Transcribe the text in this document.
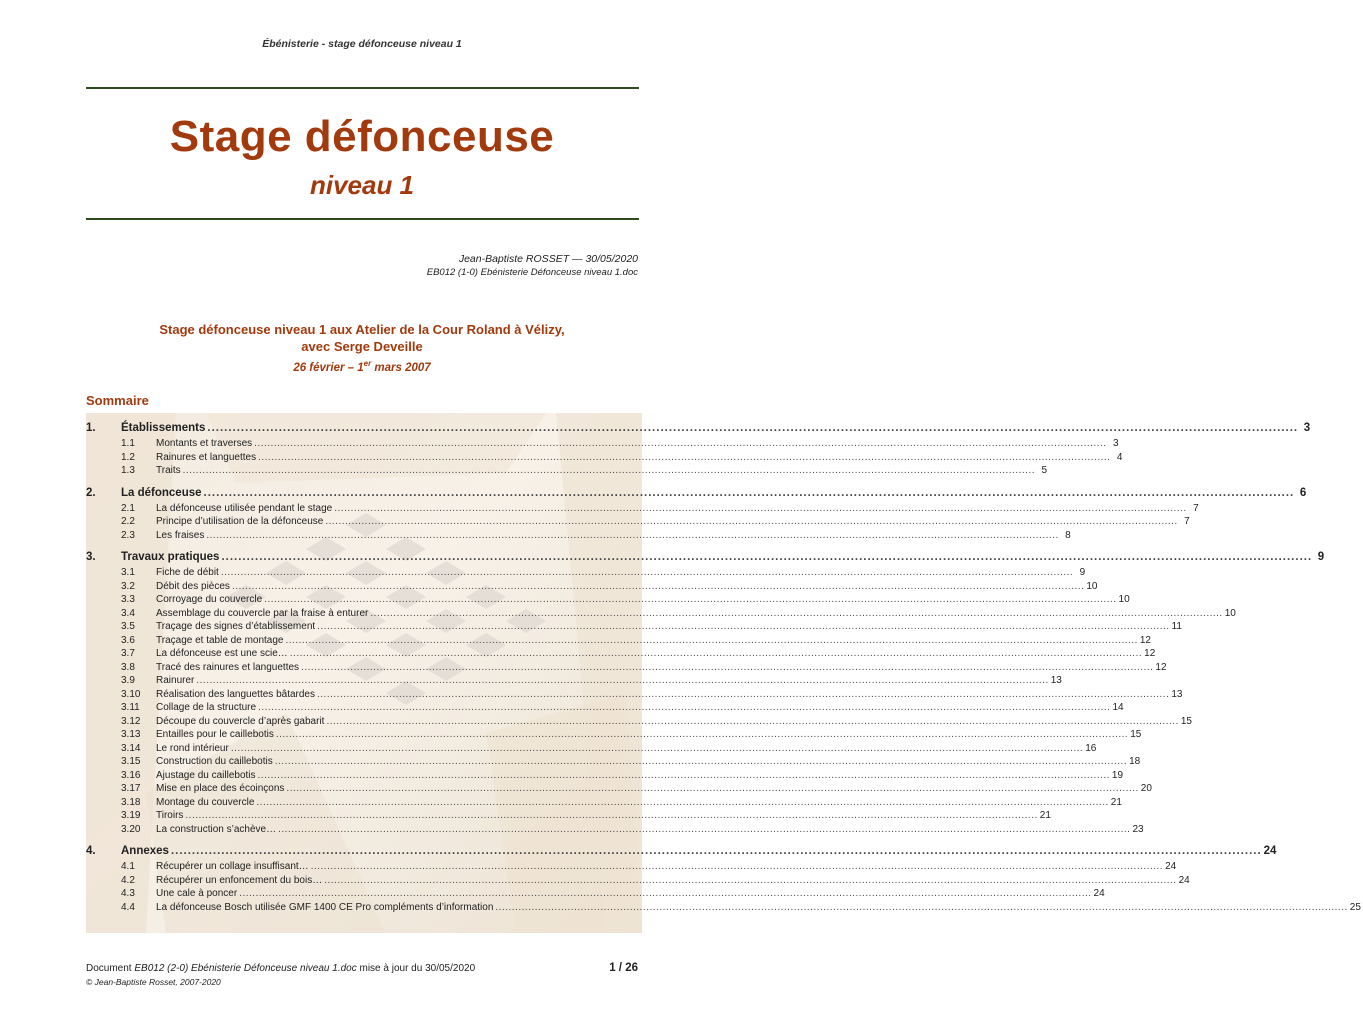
Ébénisterie - stage défonceuse niveau 1
Stage défonceuse
niveau 1
Jean-Baptiste ROSSET — 30/05/2020
EB012 (1-0) Ebénisterie Défonceuse niveau 1.doc
Stage défonceuse niveau 1 aux Atelier de la Cour Roland à Vélizy,
avec Serge Deveille
26 février – 1er mars 2007
Sommaire
1.	Établissements .................................................................................................................................................................................................................................................................... 3
1.1	Montants et traverses .................................................................................................................................................................................................................................................................... 3
1.2	Rainures et languettes .................................................................................................................................................................................................................................................................... 4
1.3	Traits .................................................................................................................................................................................................................................................................... 5
2.	La défonceuse .................................................................................................................................................................................................................................................................... 6
2.1	La défonceuse utilisée pendant le stage .................................................................................................................................................................................................................................................................... 7
2.2	Principe d’utilisation de la défonceuse .................................................................................................................................................................................................................................................................... 7
2.3	Les fraises .................................................................................................................................................................................................................................................................... 8
3.	Travaux pratiques .................................................................................................................................................................................................................................................................... 9
3.1	Fiche de débit .................................................................................................................................................................................................................................................................... 9
3.2	Débit des pièces .................................................................................................................................................................................................................................................................... 10
3.3	Corroyage du couvercle .................................................................................................................................................................................................................................................................... 10
3.4	Assemblage du couvercle par la fraise à enturer .................................................................................................................................................................................................................................................................... 10
3.5	Traçage des signes d’établissement .................................................................................................................................................................................................................................................................... 11
3.6	Traçage et table de montage .................................................................................................................................................................................................................................................................... 12
3.7	La défonceuse est une scie… .................................................................................................................................................................................................................................................................... 12
3.8	Tracé des rainures et languettes .................................................................................................................................................................................................................................................................... 12
3.9	Rainurer .................................................................................................................................................................................................................................................................... 13
3.10	Réalisation des languettes bâtardes .................................................................................................................................................................................................................................................................... 13
3.11	Collage de la structure .................................................................................................................................................................................................................................................................... 14
3.12	Découpe du couvercle d’après gabarit .................................................................................................................................................................................................................................................................... 15
3.13	Entailles pour le caillebotis .................................................................................................................................................................................................................................................................... 15
3.14	Le rond intérieur .................................................................................................................................................................................................................................................................... 16
3.15	Construction du caillebotis .................................................................................................................................................................................................................................................................... 18
3.16	Ajustage du caillebotis .................................................................................................................................................................................................................................................................... 19
3.17	Mise en place des écoinçons .................................................................................................................................................................................................................................................................... 20
3.18	Montage du couvercle .................................................................................................................................................................................................................................................................... 21
3.19	Tiroirs .................................................................................................................................................................................................................................................................... 21
3.20	La construction s’achève… .................................................................................................................................................................................................................................................................... 23
4.	Annexes .................................................................................................................................................................................................................................................................... 24
4.1	Récupérer un collage insuffisant… .................................................................................................................................................................................................................................................................... 24
4.2	Récupérer un enfoncement du bois… .................................................................................................................................................................................................................................................................... 24
4.3	Une cale à poncer .................................................................................................................................................................................................................................................................... 24
4.4	La défonceuse Bosch utilisée GMF 1400 CE Pro compléments d’information .................................................................................................................................................................................................................................................................... 25
Document EB012 (2-0) Ebénisterie Défonceuse niveau 1.doc mise à jour du 30/05/2020	1 / 26
© Jean-Baptiste Rosset, 2007-2020
